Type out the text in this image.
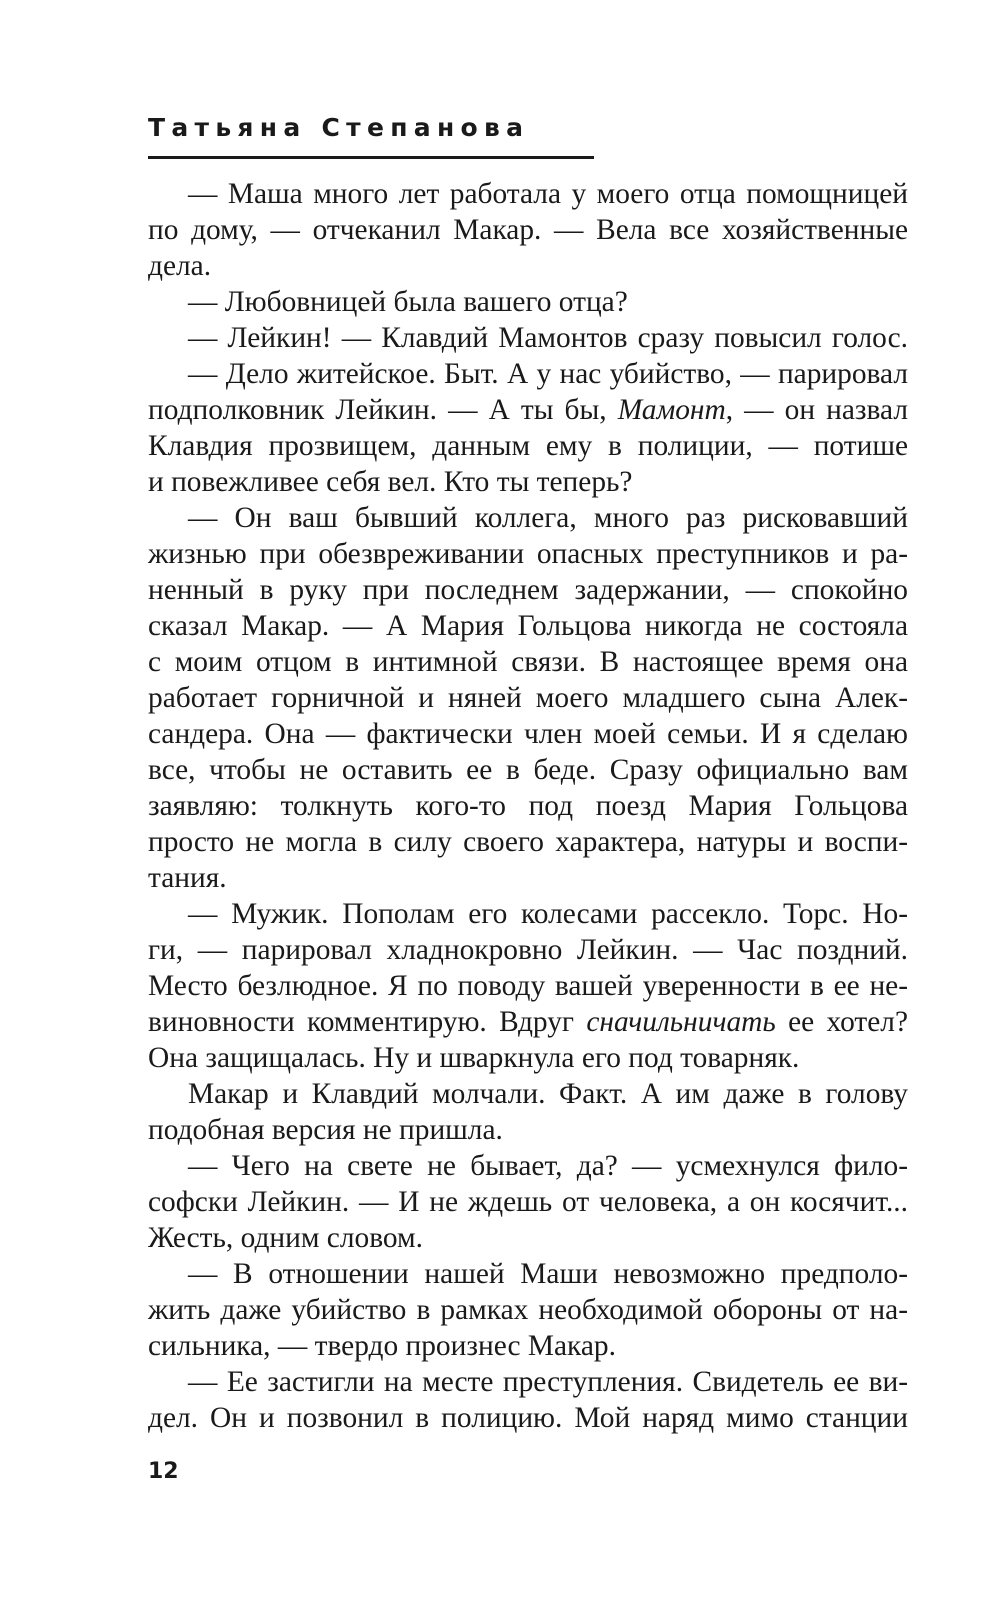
Татьяна Степанова
— Маша много лет работала у моего отца помощницей
по дому, — отчеканил Макар. — Вела все хозяйственные
дела.
— Любовницей была вашего отца?
— Лейкин! — Клавдий Мамонтов сразу повысил голос.
— Дело житейское. Быт. А у нас убийство, — парировал
подполковник Лейкин. — А ты бы, Мамонт, — он назвал
Клавдия прозвищем, данным ему в полиции, — потише
и повежливее себя вел. Кто ты теперь?
— Он ваш бывший коллега, много раз рисковавший
жизнью при обезвреживании опасных преступников и ра-
ненный в руку при последнем задержании, — спокойно
сказал Макар. — А Мария Гольцова никогда не состояла
с моим отцом в интимной связи. В настоящее время она
работает горничной и няней моего младшего сына Алек-
сандера. Она — фактически член моей семьи. И я сделаю
все, чтобы не оставить ее в беде. Сразу официально вам
заявляю: толкнуть кого-то под поезд Мария Гольцова
просто не могла в силу своего характера, натуры и воспи-
тания.
— Мужик. Пополам его колесами рассекло. Торс. Но-
ги, — парировал хладнокровно Лейкин. — Час поздний.
Место безлюдное. Я по поводу вашей уверенности в ее не-
виновности комментирую. Вдруг сначильничать ее хотел?
Она защищалась. Ну и шваркнула его под товарняк.
Макар и Клавдий молчали. Факт. А им даже в голову
подобная версия не пришла.
— Чего на свете не бывает, да? — усмехнулся фило-
софски Лейкин. — И не ждешь от человека, а он косячит...
Жесть, одним словом.
— В отношении нашей Маши невозможно предполо-
жить даже убийство в рамках необходимой обороны от на-
сильника, — твердо произнес Макар.
— Ее застигли на месте преступления. Свидетель ее ви-
дел. Он и позвонил в полицию. Мой наряд мимо станции
12
